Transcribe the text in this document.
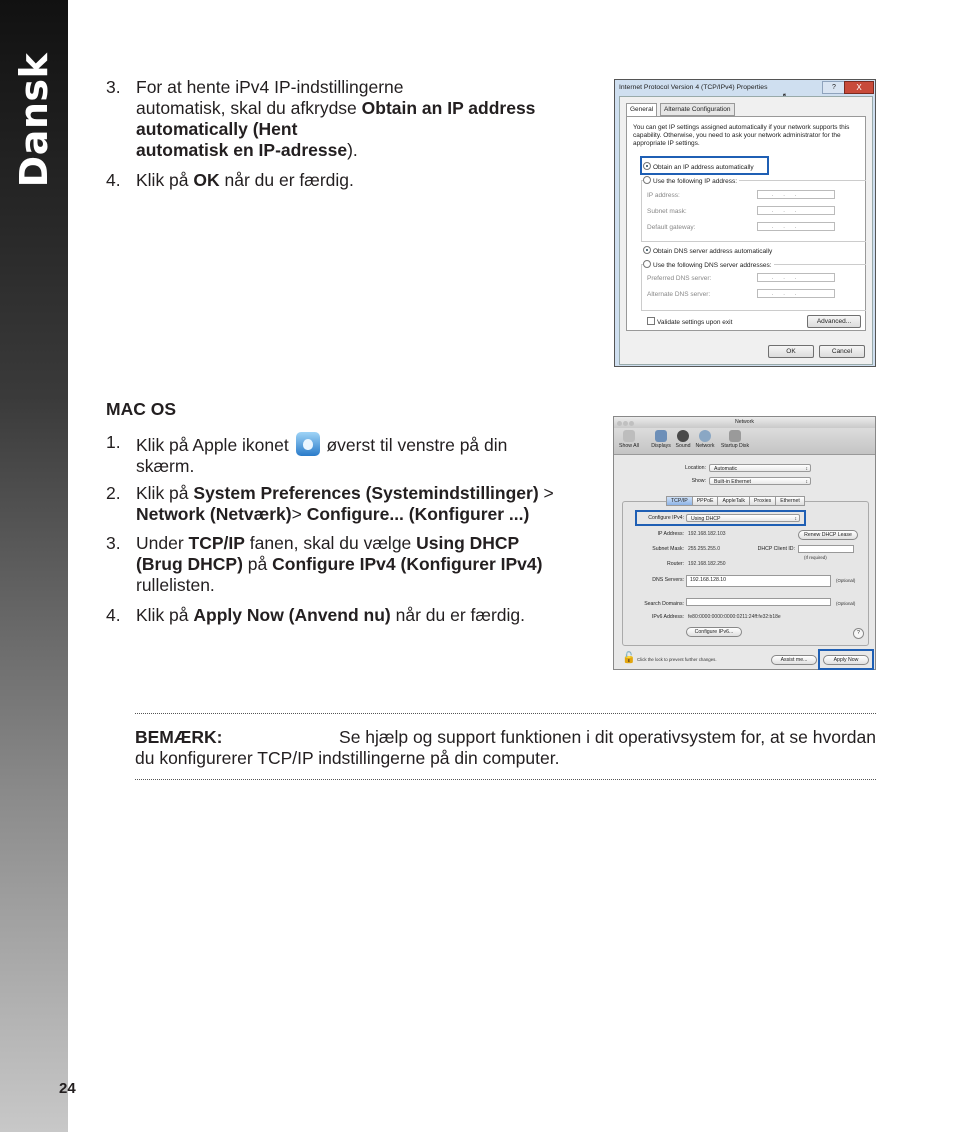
Dansk	3. For at hente iPv4 IP-indstillingerne
automatisk, skal du afkrydse Obtain an IP address
automatically (Hent
automatisk en IP-adresse).
4. Klik på OK når du er færdig.
Internet Protocol Version 4 (TCP/IPv4) Properties	?	X
General	Alternate Configuration
You can get IP settings assigned automatically if your network supports this capability. Otherwise, you need to ask your network administrator for the appropriate IP settings.
Obtain an IP address automatically
Use the following IP address:
IP address:	...
Subnet mask:	...
Default gateway:	...
Obtain DNS server address automatically
Use the following DNS server addresses:
Preferred DNS server:	...
Alternate DNS server:	...
Validate settings upon exit	Advanced...
OK	Cancel
MAC OS
1. Klik på Apple ikonet  øverst til venstre på din
skærm.
2. Klik på System Preferences (Systemindstillinger) >
Network (Netværk)> Configure... (Konfigurer ...)
3. Under TCP/IP fanen, skal du vælge Using DHCP
(Brug DHCP) på Configure IPv4 (Konfigurer IPv4)
rullelisten.
4. Klik på Apply Now (Anvend nu) når du er færdig.
Network
Show All	Displays Sound Network	Startup Disk
Location:	Automatic ↕
Show:	Built-in Ethernet ↕
TCP/IP PPPoE AppleTalk Proxies Ethernet
Configure IPv4:	Using DHCP ↕
IP Address: 192.168.182.103	Renew DHCP Lease
Subnet Mask: 255.255.255.0	DHCP Client ID:
(If required)
Router: 192.168.182.250
DNS Servers:	192.168.128.10	(Optional)
Search Domains:	(Optional)
IPv6 Address: fe80:0000:0000:0000:0211:24ff:fe32:b18e
Configure IPv6...	?
🔓 Click the lock to prevent further changes.	Assist me...	Apply Now
BEMÆRK:	Se hjælp og support funktionen i dit operativsystem for, at se hvordan
du konfigurerer TCP/IP indstillingerne på din computer.
24
